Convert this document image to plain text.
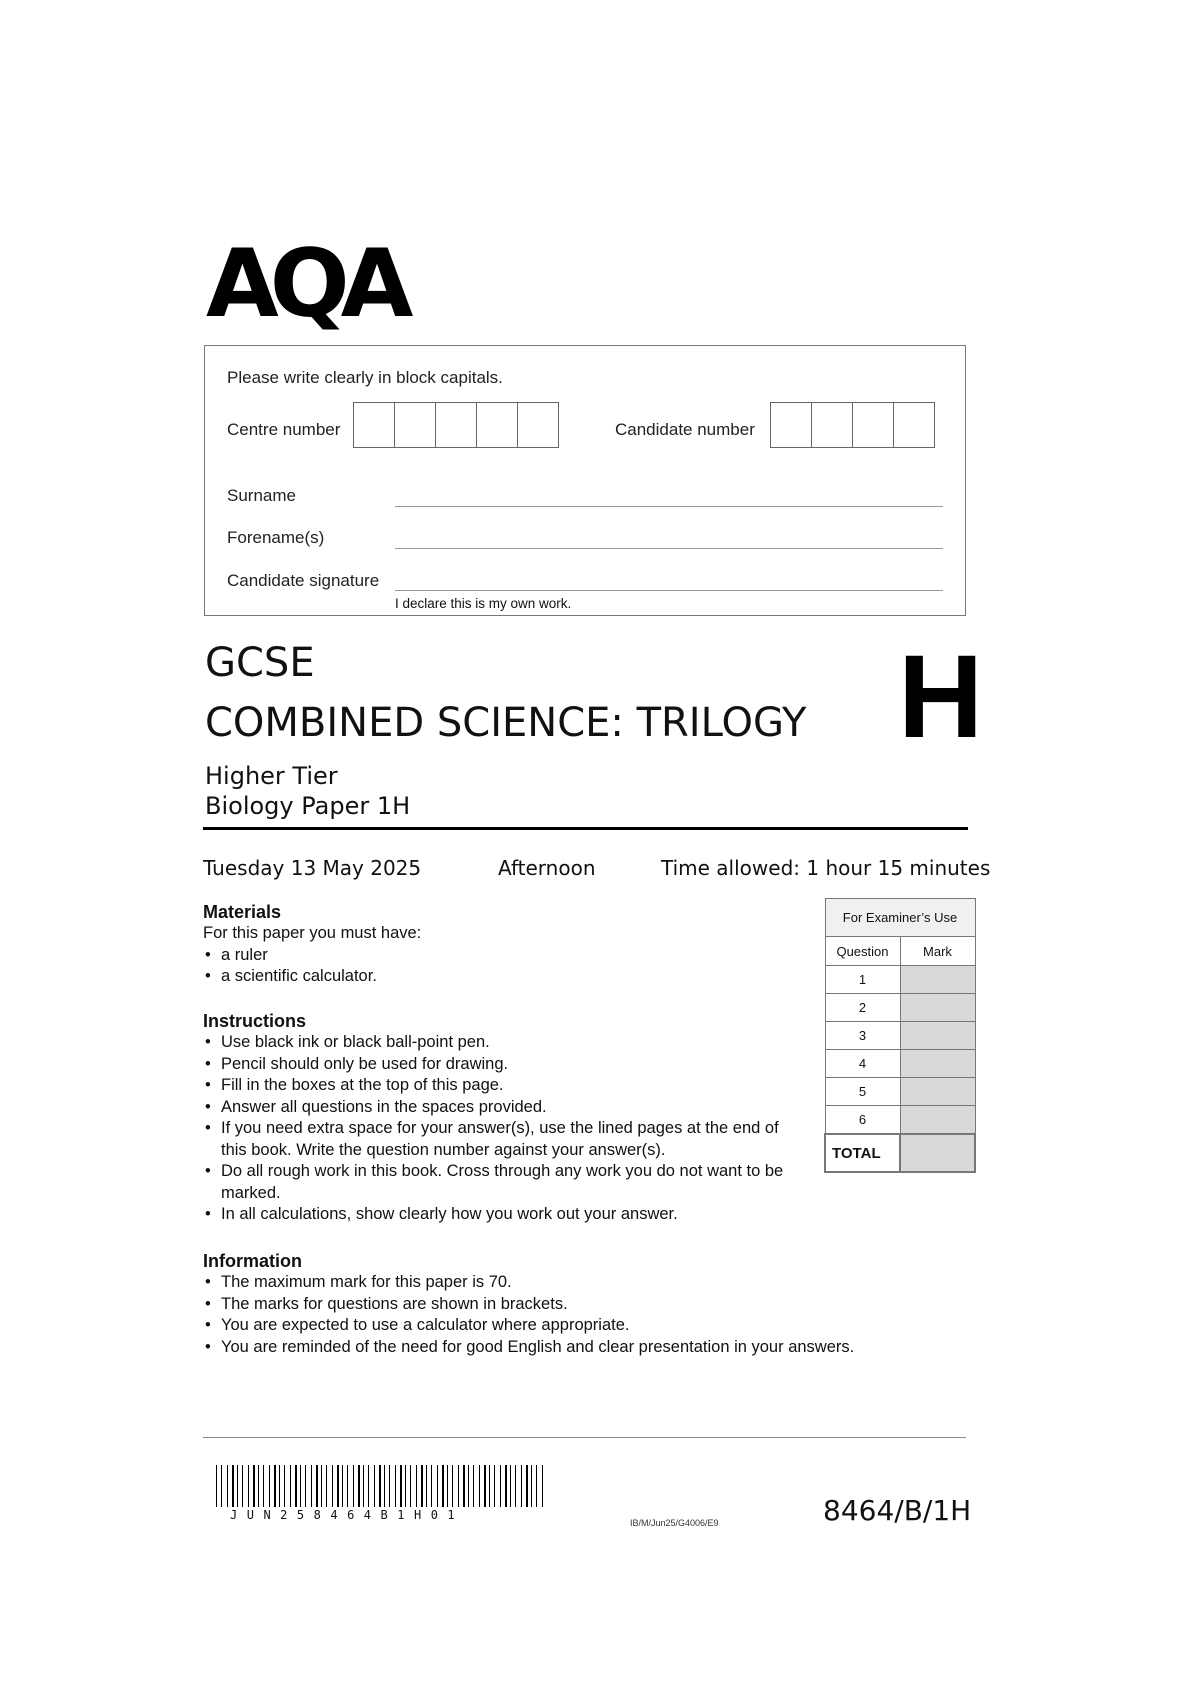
AQA
Please write clearly in block capitals.
Centre number	Candidate number
Surname
Forename(s)
Candidate signature
I declare this is my own work.
GCSE
COMBINED SCIENCE: TRILOGY H
Higher Tier
Biology Paper 1H
Tuesday 13 May 2025	Afternoon	Time allowed: 1 hour 15 minutes
Materials
For this paper you must have:
• a ruler
• a scientific calculator.
Instructions
• Use black ink or black ball-point pen.
• Pencil should only be used for drawing.
• Fill in the boxes at the top of this page.
• Answer all questions in the spaces provided.
• If you need extra space for your answer(s), use the lined pages at the end of this book. Write the question number against your answer(s).
• Do all rough work in this book. Cross through any work you do not want to be marked.
• In all calculations, show clearly how you work out your answer.
Information
• The maximum mark for this paper is 70.
• The marks for questions are shown in brackets.
• You are expected to use a calculator where appropriate.
• You are reminded of the need for good English and clear presentation in your answers.
For Examiner’s Use	
Question	Mark
1	
2	
3	
4	
5	
6	
TOTAL	
JUN258464B1H01
IB/M/Jun25/G4006/E9	8464/B/1H
